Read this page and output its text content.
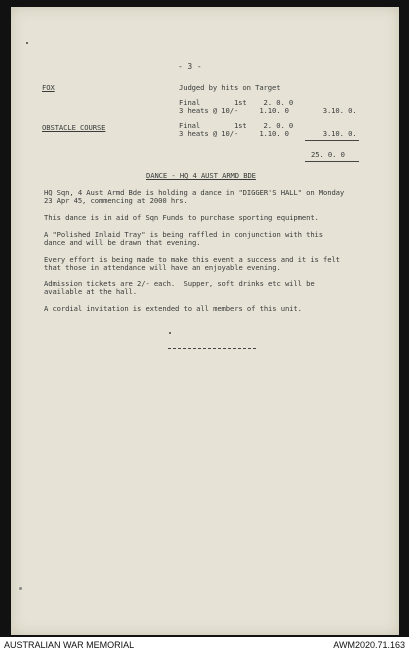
- 3 -
FOX	Judged by hits on Target
Final        1st    2. 0. 0
3 heats @ 10/-     1.10. 0        3.10. 0.
OBSTACLE COURSE	Final        1st    2. 0. 0
3 heats @ 10/-     1.10. 0        3.10. 0.
25. 0. 0
DANCE - HQ 4 AUST ARMD BDE
HQ Sqn, 4 Aust Armd Bde is holding a dance in "DIGGER'S HALL" on Monday
23 Apr 45, commencing at 2000 hrs.
This dance is in aid of Sqn Funds to purchase sporting equipment.
A "Polished Inlaid Tray" is being raffled in conjunction with this
dance and will be drawn that evening.
Every effort is being made to make this event a success and it is felt
that those in attendance will have an enjoyable evening.
Admission tickets are 2/- each.  Supper, soft drinks etc will be
available at the hall.
A cordial invitation is extended to all members of this unit.
AUSTRALIAN WAR MEMORIAL	AWM2020.71.163
